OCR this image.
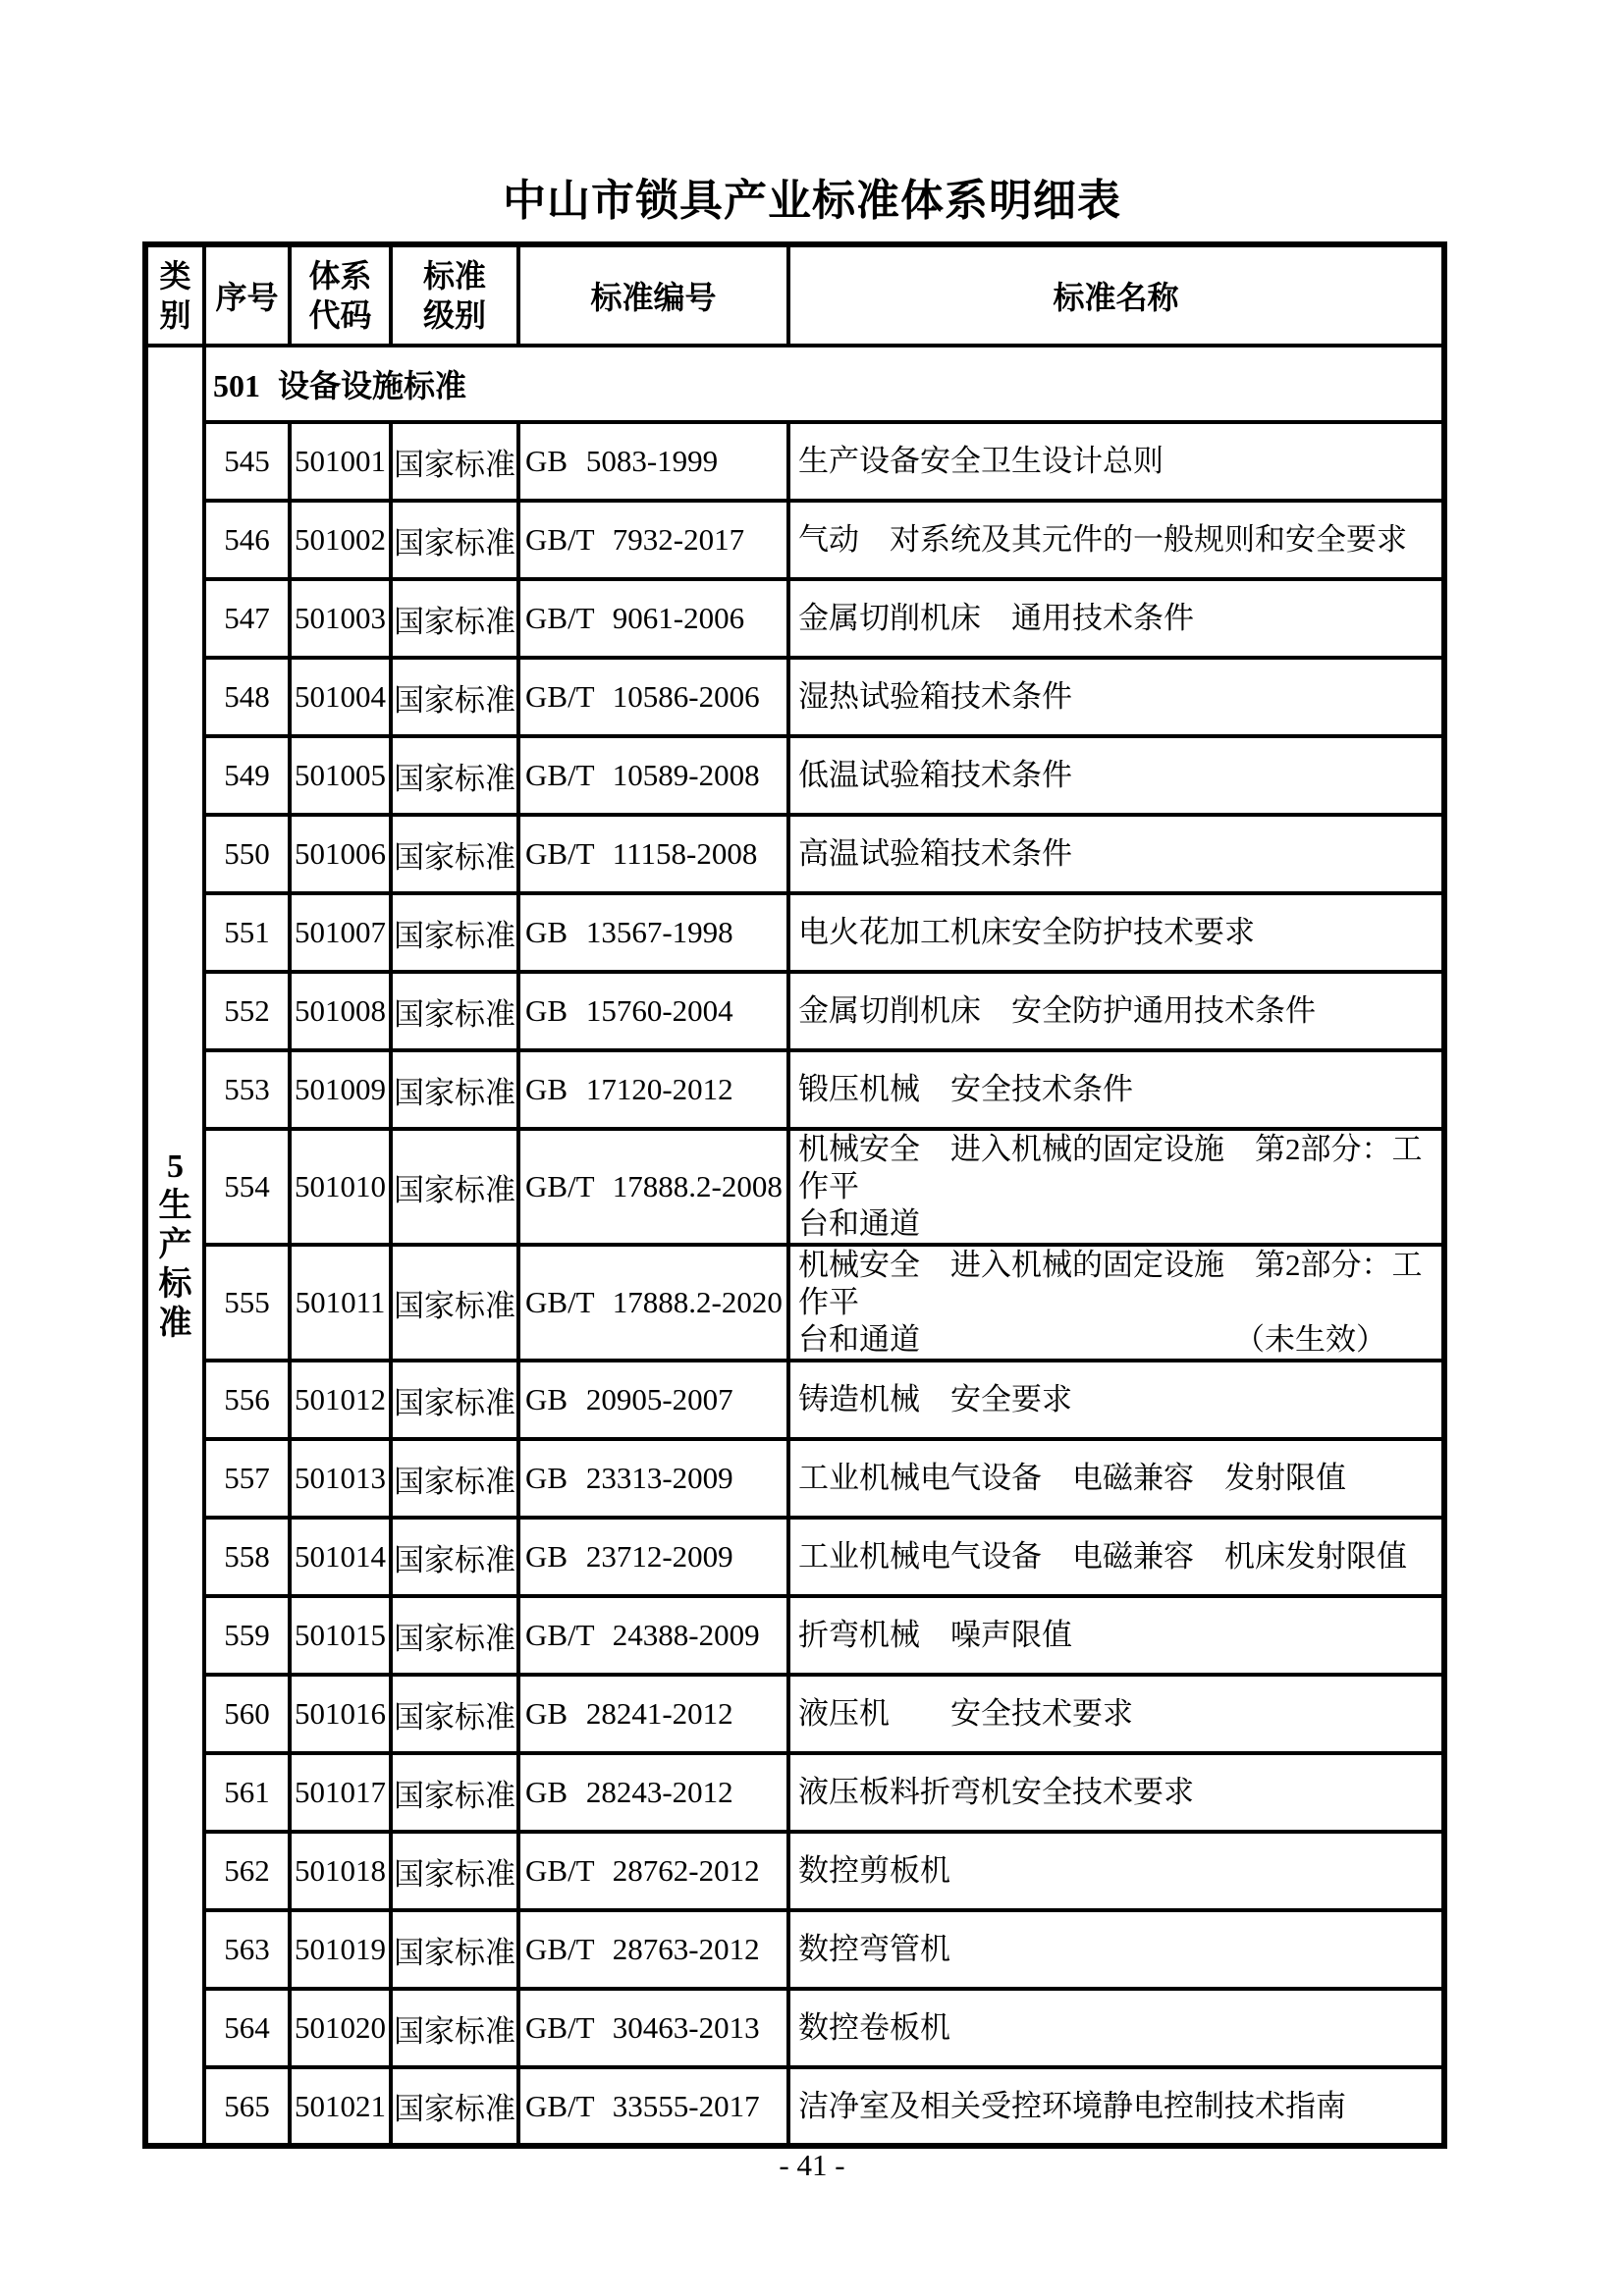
中山市锁具产业标准体系明细表
类别	序号	体系代码	标准级别	标准编号	标准名称

5
生产标准	501 设备设施标准				
	545	501001	国家标准	GB 5083-1999	生产设备安全卫生设计总则

	546	501002	国家标准	GB/T 7932-2017	气动　对系统及其元件的一般规则和安全要求

	547	501003	国家标准	GB/T 9061-2006	金属切削机床　通用技术条件

	548	501004	国家标准	GB/T 10586-2006	湿热试验箱技术条件

	549	501005	国家标准	GB/T 10589-2008	低温试验箱技术条件

	550	501006	国家标准	GB/T 11158-2008	高温试验箱技术条件

	551	501007	国家标准	GB 13567-1998	电火花加工机床安全防护技术要求

	552	501008	国家标准	GB 15760-2004	金属切削机床　安全防护通用技术条件

	553	501009	国家标准	GB 17120-2012	锻压机械　安全技术条件

	554	501010	国家标准	GB/T 17888.2-2008	机械安全　进入机械的固定设施　第2部分：工作平
台和通道

	555	501011	国家标准	GB/T 17888.2-2020	机械安全　进入机械的固定设施　第2部分：工作平
台和通道 （未生效）

	556	501012	国家标准	GB 20905-2007	铸造机械　安全要求

	557	501013	国家标准	GB 23313-2009	工业机械电气设备　电磁兼容　发射限值

	558	501014	国家标准	GB 23712-2009	工业机械电气设备　电磁兼容　机床发射限值

	559	501015	国家标准	GB/T 24388-2009	折弯机械　噪声限值

	560	501016	国家标准	GB 28241-2012	液压机　　安全技术要求

	561	501017	国家标准	GB 28243-2012	液压板料折弯机安全技术要求

	562	501018	国家标准	GB/T 28762-2012	数控剪板机

	563	501019	国家标准	GB/T 28763-2012	数控弯管机

	564	501020	国家标准	GB/T 30463-2013	数控卷板机

	565	501021	国家标准	GB/T 33555-2017	洁净室及相关受控环境静电控制技术指南
- 41 -
